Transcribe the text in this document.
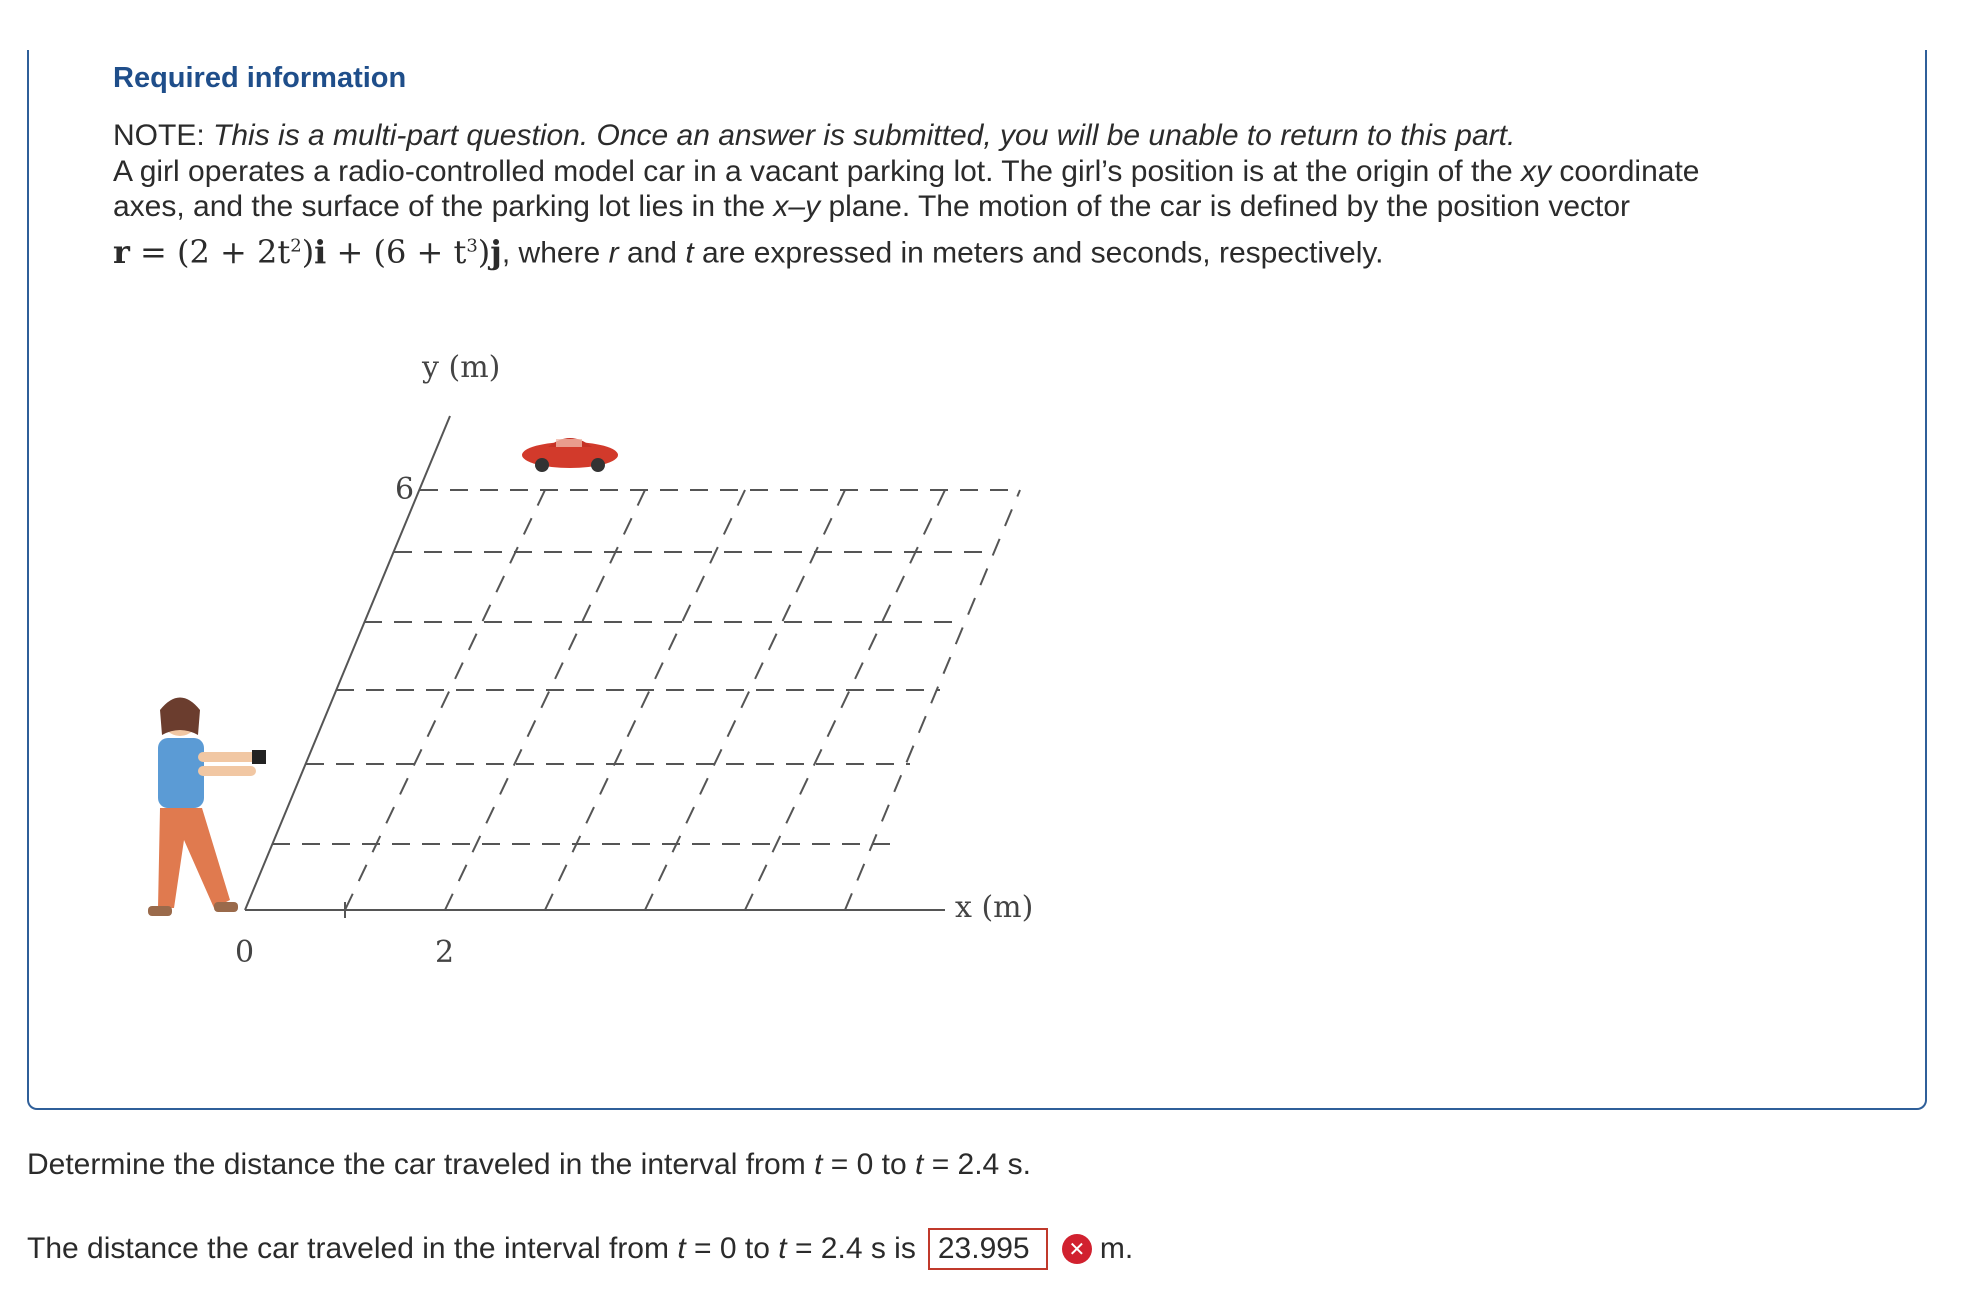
Required information
NOTE: This is a multi-part question. Once an answer is submitted, you will be unable to return to this part.
A girl operates a radio-controlled model car in a vacant parking lot. The girl’s position is at the origin of the xy coordinate
axes, and the surface of the parking lot lies in the x–y plane. The motion of the car is defined by the position vector
$r = (2 + 2t^2)i + (6 + t^3)j$, where r and t are expressed in meters and seconds, respectively.
y (m)
6
x (m)
0	2
Determine the distance the car traveled in the interval from t = 0 to t = 2.4 s.
The distance the car traveled in the interval from
t
= 0 to
t
= 2.4 s is 23.995	✕ m.
